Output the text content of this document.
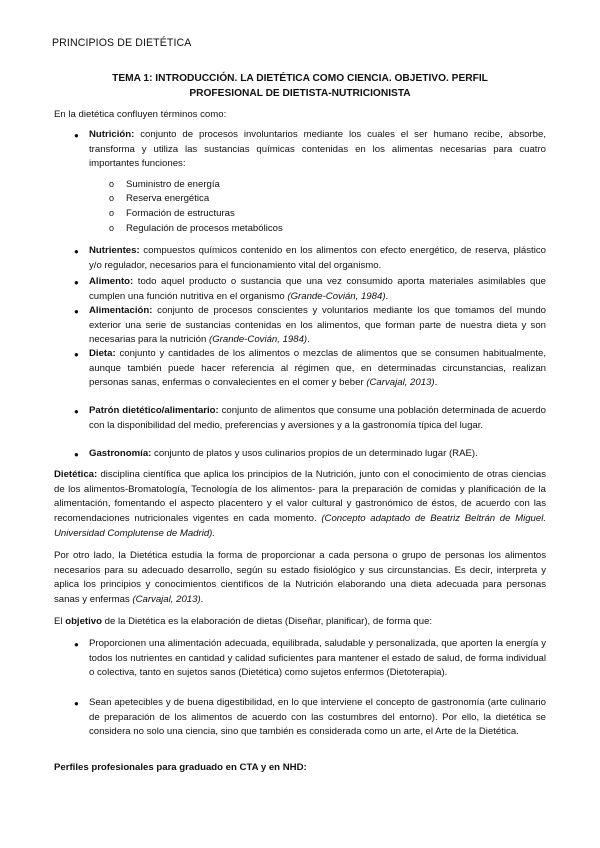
PRINCIPIOS DE DIETÉTICA
TEMA 1: INTRODUCCIÓN. LA DIETÉTICA COMO CIENCIA. OBJETIVO. PERFIL
PROFESIONAL DE DIETISTA-NUTRICIONISTA
En la dietética confluyen términos como:
● Nutrición: conjunto de procesos involuntarios mediante los cuales el ser humano recibe, absorbe, transforma y utiliza las sustancias químicas contenidas en los alimentas necesarias para cuatro importantes funciones:
o Suministro de energía
o Reserva energética
o Formación de estructuras
o Regulación de procesos metabólicos
● Nutrientes: compuestos químicos contenido en los alimentos con efecto energético, de reserva, plástico y/o regulador, necesarios para el funcionamiento vital del organismo.
● Alimento: todo aquel producto o sustancia que una vez consumido aporta materiales asimilables que cumplen una función nutritiva en el organismo (Grande-Covián, 1984).
● Alimentación: conjunto de procesos conscientes y voluntarios mediante los que tomamos del mundo exterior una serie de sustancias contenidas en los alimentos, que forman parte de nuestra dieta y son necesarias para la nutrición (Grande-Covián, 1984).
● Dieta: conjunto y cantidades de los alimentos o mezclas de alimentos que se consumen habitualmente, aunque también puede hacer referencia al régimen que, en determinadas circunstancias, realizan personas sanas, enfermas o convalecientes en el comer y beber (Carvajal, 2013).
● Patrón dietético/alimentario: conjunto de alimentos que consume una población determinada de acuerdo con la disponibilidad del medio, preferencias y aversiones y a la gastronomía típica del lugar.
● Gastronomía: conjunto de platos y usos culinarios propios de un determinado lugar (RAE).
Dietética: disciplina científica que aplica los principios de la Nutrición, junto con el conocimiento de otras ciencias de los alimentos-Bromatología, Tecnología de los alimentos- para la preparación de comidas y planificación de la alimentación, fomentando el aspecto placentero y el valor cultural y gastronómico de éstos, de acuerdo con las recomendaciones nutricionales vigentes en cada momento. (Concepto adaptado de Beatriz Beltrán de Miguel. Universidad Complutense de Madrid).
Por otro lado, la Dietética estudia la forma de proporcionar a cada persona o grupo de personas los alimentos necesarios para su adecuado desarrollo, según su estado fisiológico y sus circunstancias. Es decir, interpreta y aplica los principios y conocimientos científicos de la Nutrición elaborando una dieta adecuada para personas sanas y enfermas (Carvajal, 2013).
El objetivo de la Dietética es la elaboración de dietas (Diseñar, planificar), de forma que:
● Proporcionen una alimentación adecuada, equilibrada, saludable y personalizada, que aporten la energía y todos los nutrientes en cantidad y calidad suficientes para mantener el estado de salud, de forma individual o colectiva, tanto en sujetos sanos (Dietética) como sujetos enfermos (Dietoterapia).
● Sean apetecibles y de buena digestibilidad, en lo que interviene el concepto de gastronomía (arte culinario de preparación de los alimentos de acuerdo con las costumbres del entorno). Por ello, la dietética se considera no solo una ciencia, sino que también es considerada como un arte, el Arte de la Dietética.
Perfiles profesionales para graduado en CTA y en NHD:
